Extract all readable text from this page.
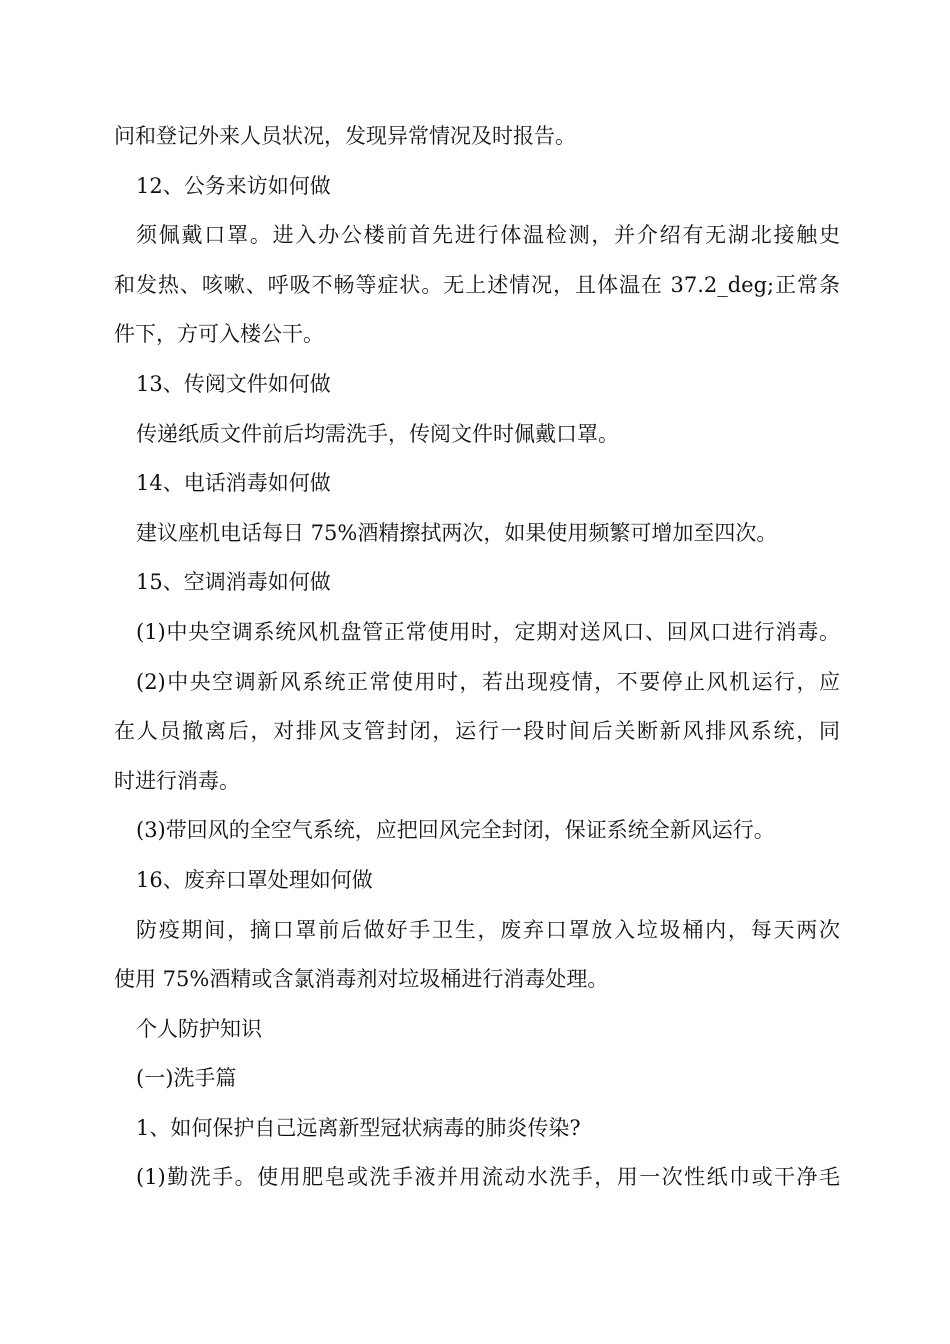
问和登记外来人员状况，发现异常情况及时报告。
12、公务来访如何做
须佩戴口罩。进入办公楼前首先进行体温检测，并介绍有无湖北接触史
和发热、咳嗽、呼吸不畅等症状。无上述情况，且体温在 37.2_deg;正常条
件下，方可入楼公干。
13、传阅文件如何做
传递纸质文件前后均需洗手，传阅文件时佩戴口罩。
14、电话消毒如何做
建议座机电话每日 75%酒精擦拭两次，如果使用频繁可增加至四次。
15、空调消毒如何做
(1)中央空调系统风机盘管正常使用时，定期对送风口、回风口进行消毒。
(2)中央空调新风系统正常使用时，若出现疫情，不要停止风机运行，应
在人员撤离后，对排风支管封闭，运行一段时间后关断新风排风系统，同
时进行消毒。
(3)带回风的全空气系统，应把回风完全封闭，保证系统全新风运行。
16、废弃口罩处理如何做
防疫期间，摘口罩前后做好手卫生，废弃口罩放入垃圾桶内，每天两次
使用 75%酒精或含氯消毒剂对垃圾桶进行消毒处理。
个人防护知识
(一)洗手篇
1、如何保护自己远离新型冠状病毒的肺炎传染?
(1)勤洗手。使用肥皂或洗手液并用流动水洗手，用一次性纸巾或干净毛
